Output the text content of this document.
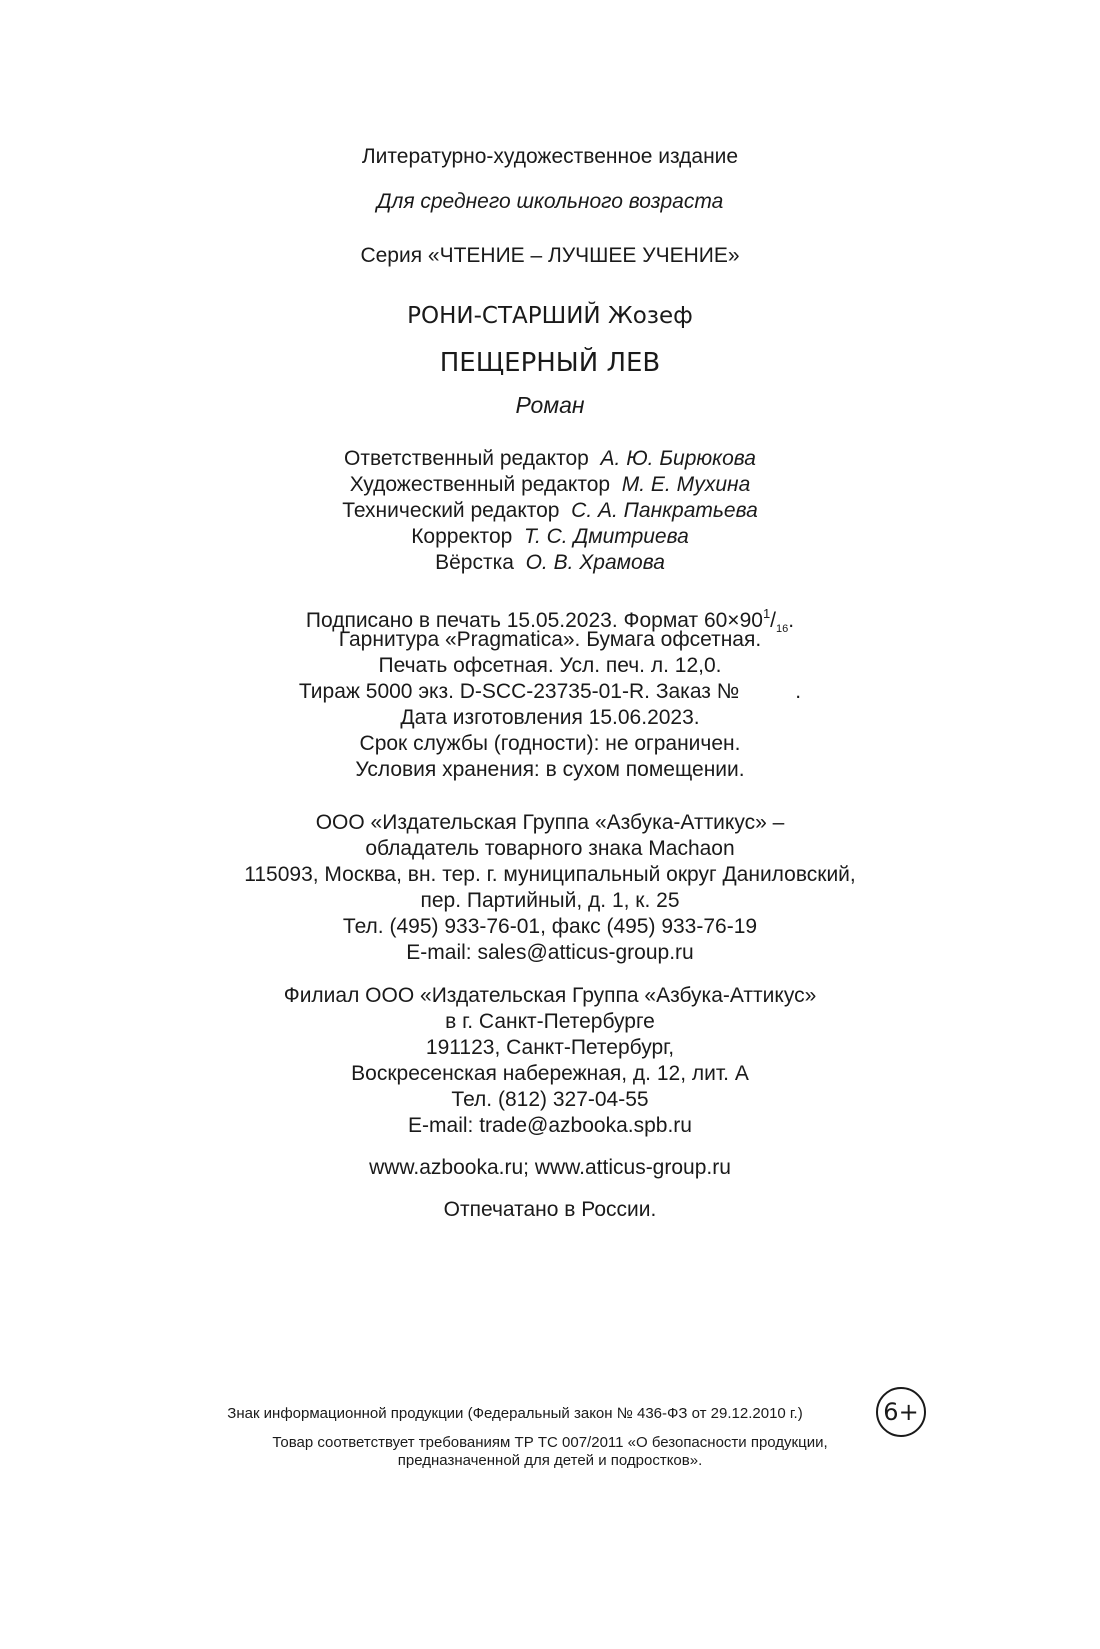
Литературно-художественное издание
Для среднего школьного возраста
Серия «ЧТЕНИЕ – ЛУЧШЕЕ УЧЕНИЕ»
РОНИ-СТАРШИЙ Жозеф
ПЕЩЕРНЫЙ ЛЕВ
Роман
Ответственный редактор А. Ю. Бирюкова
Художественный редактор М. Е. Мухина
Технический редактор С. А. Панкратьева
Корректор Т. С. Дмитриева
Вёрстка О. В. Храмова
Подписано в печать 15.05.2023. Формат $60\times 90^1/_{16}$.
Гарнитура «Pragmatica». Бумага офсетная.
Печать офсетная. Усл. печ. л. 12,0.
Тираж 5000 экз. D-SCC-23735-01-R. Заказ №	.
Дата изготовления 15.06.2023.
Срок службы (годности): не ограничен.
Условия хранения: в сухом помещении.
ООО «Издательская Группа «Азбука-Аттикус» –
обладатель товарного знака Machaon
115093, Москва, вн. тер. г. муниципальный округ Даниловский,
пер. Партийный, д. 1, к. 25
Тел. (495) 933-76-01, факс (495) 933-76-19
E-mail: sales@atticus-group.ru
Филиал ООО «Издательская Группа «Азбука-Аттикус»
в г. Санкт-Петербурге
191123, Санкт-Петербург,
Воскресенская набережная, д. 12, лит. А
Тел. (812) 327-04-55
E-mail: trade@azbooka.spb.ru
www.azbooka.ru; www.atticus-group.ru
Отпечатано в России.
Знак информационной продукции (Федеральный закон № 436-ФЗ от 29.12.2010 г.)	6+
Товар соответствует требованиям ТР ТС 007/2011 «О безопасности продукции,
предназначенной для детей и подростков».
